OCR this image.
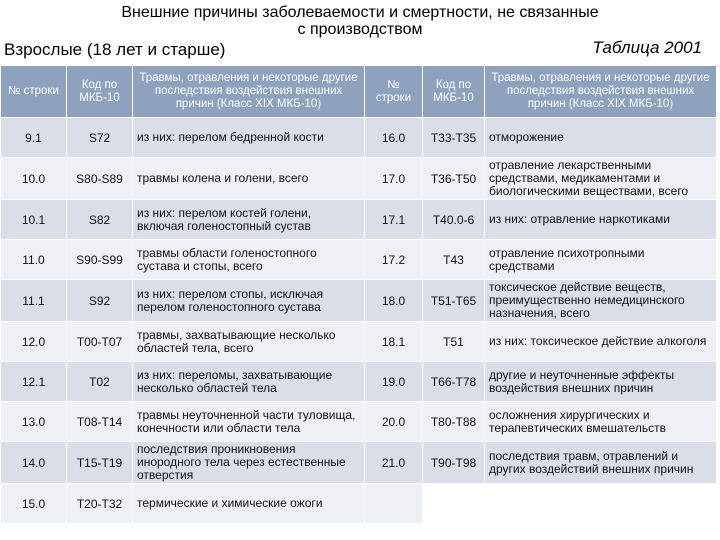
Внешние причины заболеваемости и смертности, не связанные
с производством
Взрослые (18 лет и старше)	Таблица 2001
№ строки	Код по МКБ-10	Травмы, отравления и некоторые другие последствия воздействия внешних причин (Класс XIX МКБ-10)	№ строки	Код по МКБ-10	Травмы, отравления и некоторые другие последствия воздействия внешних причин (Класс XIX МКБ-10)
9.1	S72	из них: перелом бедренной кости	16.0	T33-T35	отморожение
10.0	S80-S89	травмы колена и голени, всего	17.0	T36-T50	отравление лекарственными средствами, медикаментами и биологическими веществами, всего
10.1	S82	из них: перелом костей голени, включая голеностопный сустав	17.1	T40.0-6	из них: отравление наркотиками
11.0	S90-S99	травмы области голеностопного сустава и стопы, всего	17.2	T43	отравление психотропными средствами
11.1	S92	из них: перелом стопы, исключая перелом голеностопного сустава	18.0	T51-T65	токсическое действие веществ, преимущественно немедицинского назначения, всего
12.0	T00-T07	травмы, захватывающие несколько областей тела, всего	18.1	T51	из них: токсическое действие алкоголя
12.1	T02	из них: переломы, захватывающие несколько областей тела	19.0	T66-T78	другие и неуточненные эффекты воздействия внешних причин
13.0	T08-T14	травмы неуточненной части туловища, конечности или области тела	20.0	T80-T88	осложнения хирургических и терапевтических вмешательств
14.0	T15-T19	последствия проникновения инородного тела через естественные отверстия	21.0	T90-T98	последствия травм, отравлений и других воздействий внешних причин
15.0	T20-T32	термические и химические ожоги			
